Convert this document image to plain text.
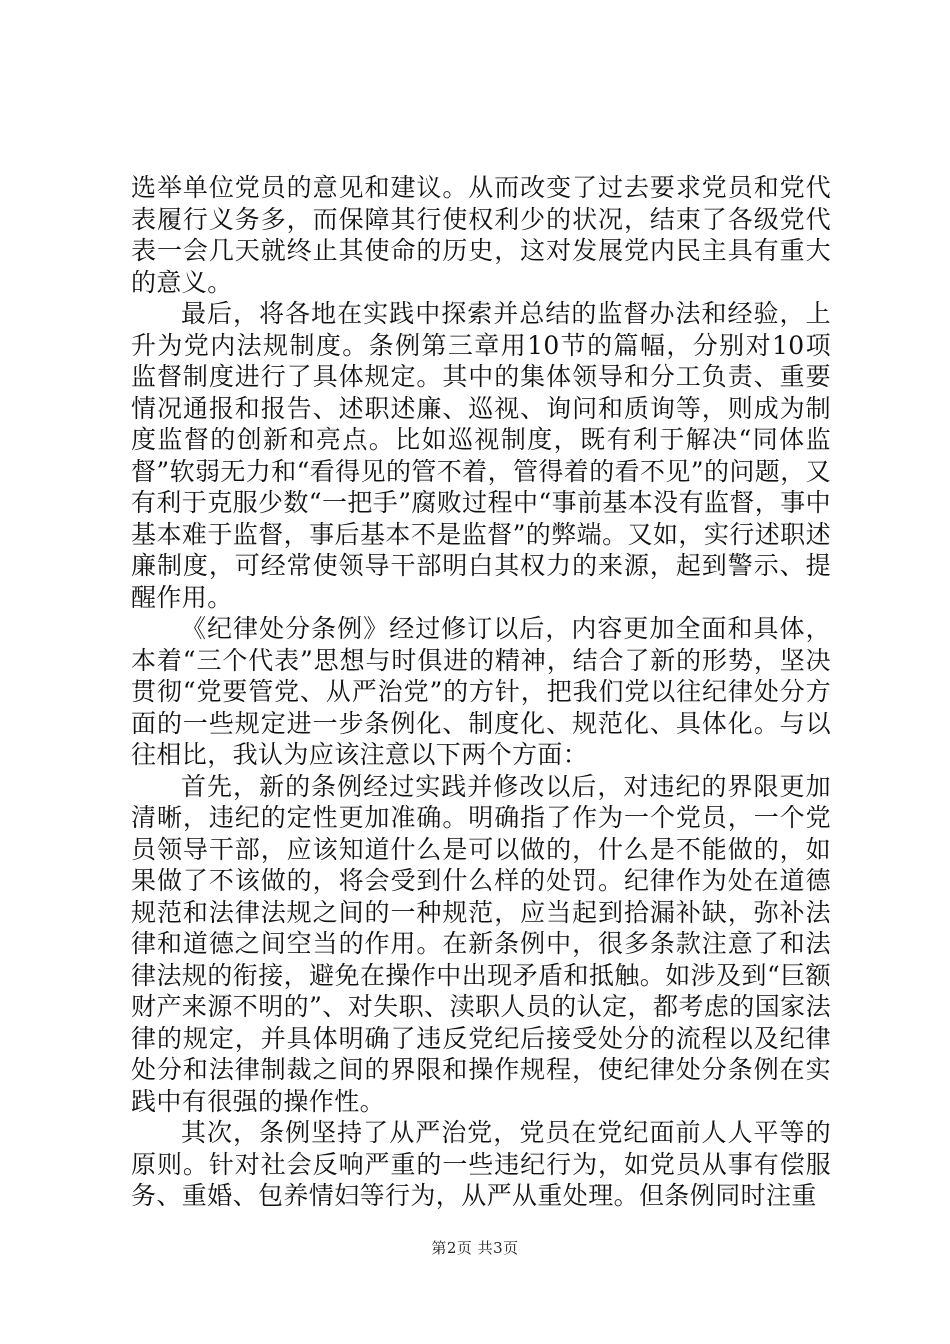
选举单位党员的意见和建议。从而改变了过去要求党员和党代表履行义务多，而保障其行使权利少的状况，结束了各级党代表一会几天就终止其使命的历史，这对发展党内民主具有重大的意义。

最后，将各地在实践中探索并总结的监督办法和经验，上升为党内法规制度。条例第三章用10节的篇幅，分别对10项监督制度进行了具体规定。其中的集体领导和分工负责、重要情况通报和报告、述职述廉、巡视、询问和质询等，则成为制度监督的创新和亮点。比如巡视制度，既有利于解决“同体监督”软弱无力和“看得见的管不着，管得着的看不见”的问题，又有利于克服少数“一把手”腐败过程中“事前基本没有监督，事中基本难于监督，事后基本不是监督”的弊端。又如，实行述职述廉制度，可经常使领导干部明白其权力的来源，起到警示、提醒作用。

《纪律处分条例》经过修订以后，内容更加全面和具体，本着“三个代表”思想与时俱进的精神，结合了新的形势，坚决贯彻“党要管党、从严治党”的方针，把我们党以往纪律处分方面的一些规定进一步条例化、制度化、规范化、具体化。与以往相比，我认为应该注意以下两个方面：

首先，新的条例经过实践并修改以后，对违纪的界限更加清晰，违纪的定性更加准确。明确指了作为一个党员，一个党员领导干部，应该知道什么是可以做的，什么是不能做的，如果做了不该做的，将会受到什么样的处罚。纪律作为处在道德规范和法律法规之间的一种规范，应当起到拾漏补缺，弥补法律和道德之间空当的作用。在新条例中，很多条款注意了和法律法规的衔接，避免在操作中出现矛盾和抵触。如涉及到“巨额财产来源不明的”、对失职、渎职人员的认定，都考虑的国家法律的规定，并具体明确了违反党纪后接受处分的流程以及纪律处分和法律制裁之间的界限和操作规程，使纪律处分条例在实践中有很强的操作性。

其次，条例坚持了从严治党，党员在党纪面前人人平等的原则。针对社会反响严重的一些违纪行为，如党员从事有偿服务、重婚、包养情妇等行为，从严从重处理。但条例同时注重

第2页 共3页
